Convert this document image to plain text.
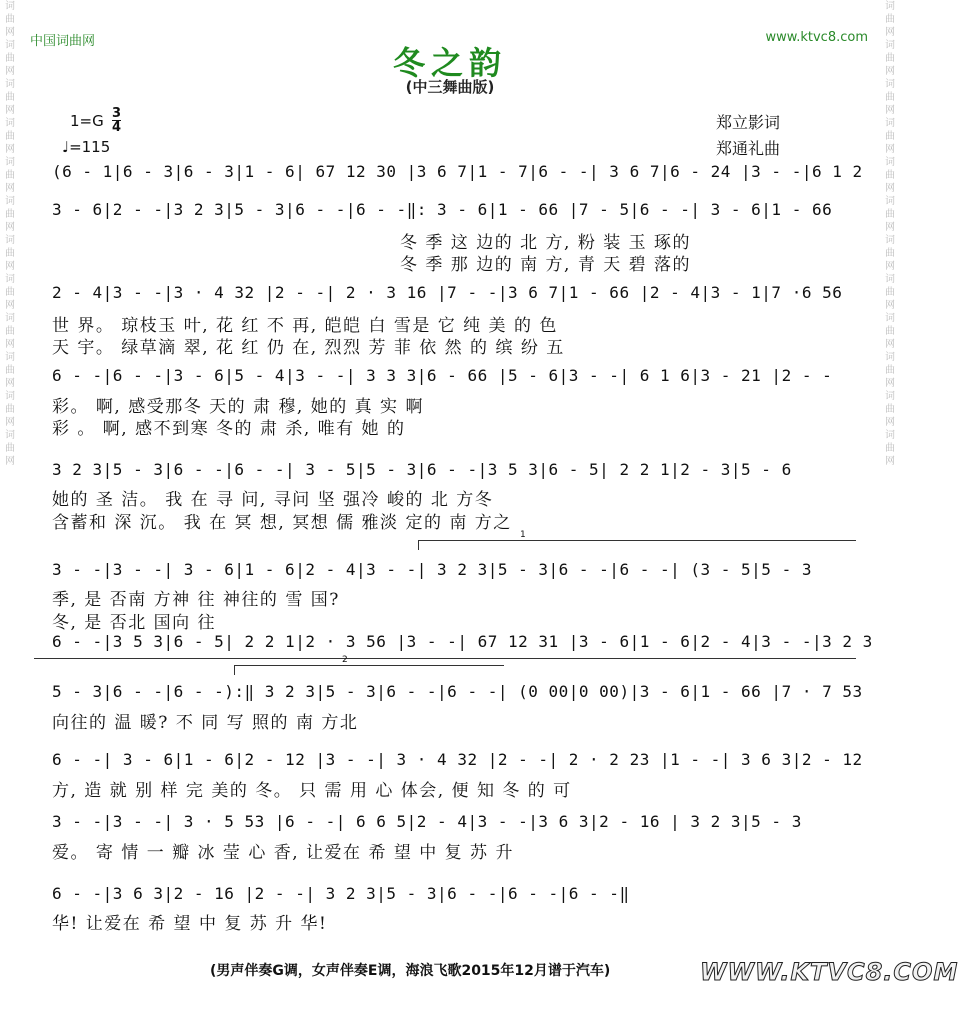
词曲网词曲网词曲网词曲网词曲网词曲网词曲网词曲网词曲网词曲网词曲网词曲网
词曲网词曲网词曲网词曲网词曲网词曲网词曲网词曲网词曲网词曲网词曲网词曲网
中国词曲网	www.ktvc8.com
冬之韵
(中三舞曲版)
1=G 3
4
♩=115
郑立影词
郑通礼曲
(6 - 1|6 - 3|6 - 3|1 - 6| 67 12 30 |3 6 7|1 - 7|6 - -| 3 6 7|6 - 24 |3 - -|6 1 2
3 - 6|2 - -|3 2 3|5 - 3|6 - -|6 - -‖: 3 - 6|1 - 66 |7 - 5|6 - -| 3 - 6|1 - 66
冬 季 这 边的 北 方, 粉 装 玉 琢的
冬 季 那 边的 南 方, 青 天 碧 落的
2 - 4|3 - -|3 · 4 32 |2 - -| 2 · 3 16 |7 - -|3 6 7|1 - 66 |2 - 4|3 - 1|7 ·6 56
世 界。 琼枝玉 叶, 花 红 不 再, 皑皑 白 雪是 它 纯 美 的 色
天 宇。 绿草滴 翠, 花 红 仍 在, 烈烈 芳 菲 依 然 的 缤 纷 五
6 - -|6 - -|3 - 6|5 - 4|3 - -| 3 3 3|6 - 66 |5 - 6|3 - -| 6 1 6|3 - 21 |2 - -
彩。 啊, 感受那冬 天的 肃 穆, 她的 真 实 啊
彩 。 啊, 感不到寒 冬的 肃 杀, 唯有 她 的
3 2 3|5 - 3|6 - -|6 - -| 3 - 5|5 - 3|6 - -|3 5 3|6 - 5| 2 2 1|2 - 3|5 - 6
她的 圣 洁。 我 在 寻 问, 寻问 坚 强冷 峻的 北 方冬
含蓄和 深 沉。 我 在 冥 想, 冥想 儒 雅淡 定的 南 方之
1
3 - -|3 - -| 3 - 6|1 - 6|2 - 4|3 - -| 3 2 3|5 - 3|6 - -|6 - -| (3 - 5|5 - 3
季, 是 否南 方神 往 神往的 雪 国?
冬, 是 否北 国向 往
6 - -|3 5 3|6 - 5| 2 2 1|2 · 3 56 |3 - -| 67 12 31 |3 - 6|1 - 6|2 - 4|3 - -|3 2 3
2
5 - 3|6 - -|6 - -):‖ 3 2 3|5 - 3|6 - -|6 - -| (0 00|0 00)|3 - 6|1 - 66 |7 · 7 53
向往的 温 暖? 不 同 写 照的 南 方北
6 - -| 3 - 6|1 - 6|2 - 12 |3 - -| 3 · 4 32 |2 - -| 2 · 2 23 |1 - -| 3 6 3|2 - 12
方, 造 就 别 样 完 美的 冬。 只 需 用 心 体会, 便 知 冬 的 可
3 - -|3 - -| 3 · 5 53 |6 - -| 6 6 5|2 - 4|3 - -|3 6 3|2 - 16 | 3 2 3|5 - 3
爱。 寄 情 一 瓣 冰 莹 心 香, 让爱在 希 望 中 复 苏 升
6 - -|3 6 3|2 - 16 |2 - -| 3 2 3|5 - 3|6 - -|6 - -|6 - -‖
华! 让爱在 希 望 中 复 苏 升 华!
(男声伴奏G调，女声伴奏E调，海浪飞歌2015年12月谱于汽车)	WWW.KTVC8.COM
